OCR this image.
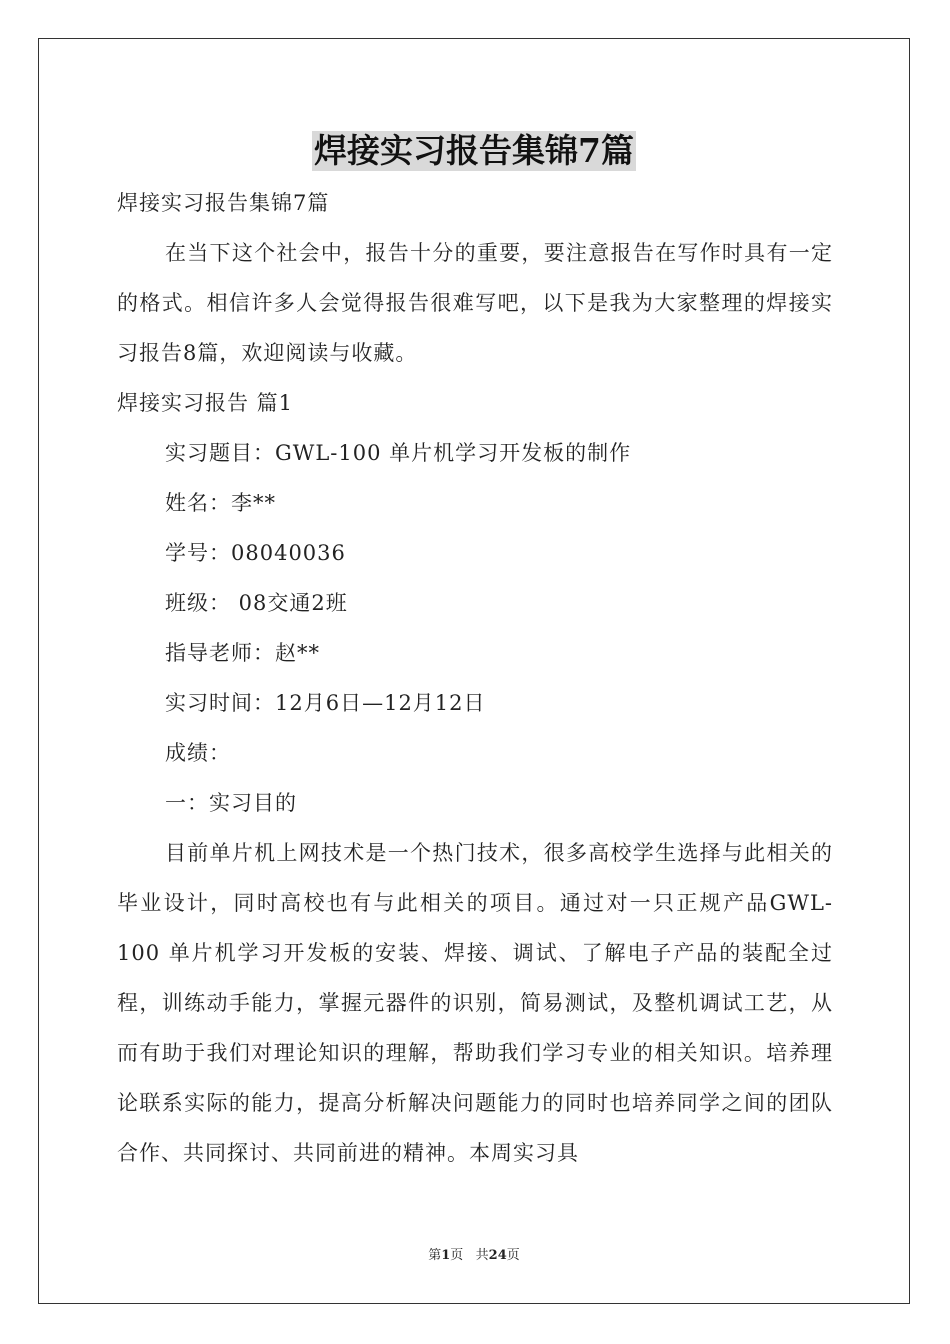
焊接实习报告集锦7篇
焊接实习报告集锦7篇

在当下这个社会中，报告十分的重要，要注意报告在写作时具有一定的格式。相信许多人会觉得报告很难写吧，以下是我为大家整理的焊接实习报告8篇，欢迎阅读与收藏。

焊接实习报告 篇1
实习题目：GWL-100 单片机学习开发板的制作
姓名：李**
学号：08040036
班级： 08交通2班
指导老师：赵**
实习时间：12月6日—12月12日
成绩：
一：实习目的

目前单片机上网技术是一个热门技术，很多高校学生选择与此相关的毕业设计，同时高校也有与此相关的项目。通过对一只正规产品GWL-100 单片机学习开发板的安装、焊接、调试、了解电子产品的装配全过程，训练动手能力，掌握元器件的识别，简易测试，及整机调试工艺，从而有助于我们对理论知识的理解，帮助我们学习专业的相关知识。培养理论联系实际的能力，提高分析解决问题能力的同时也培养同学之间的团队合作、共同探讨、共同前进的精神。本周实习具

第1页   共24页
